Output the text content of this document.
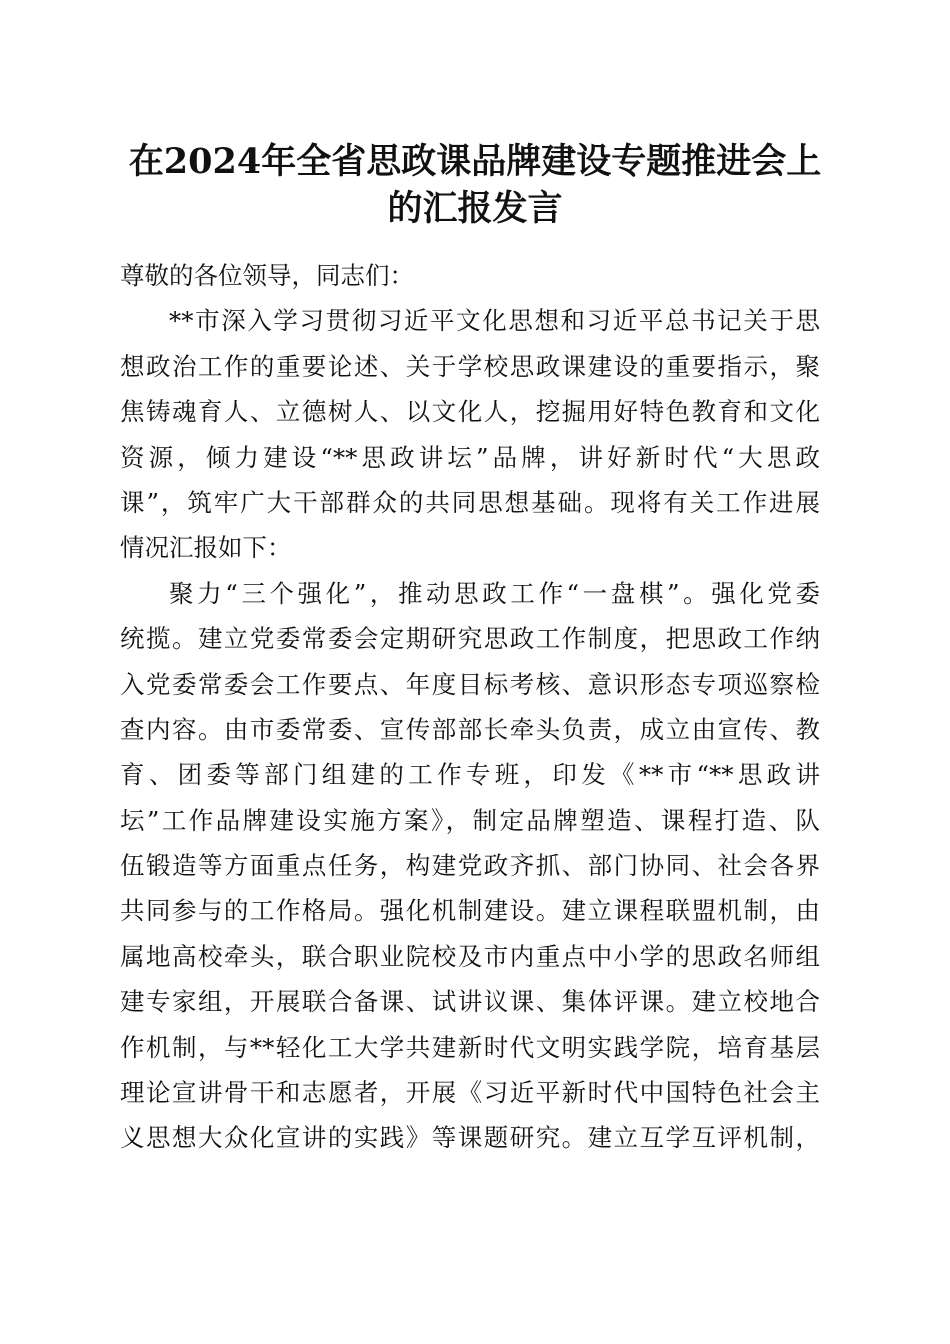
在2024年全省思政课品牌建设专题推进会上
的汇报发言
尊敬的各位领导，同志们：
**市深入学习贯彻习近平文化思想和习近平总书记关于思
想政治工作的重要论述、关于学校思政课建设的重要指示，聚
焦铸魂育人、立德树人、以文化人，挖掘用好特色教育和文化
资源，倾力建设“**思政讲坛”品牌，讲好新时代“大思政
课”，筑牢广大干部群众的共同思想基础。现将有关工作进展
情况汇报如下：
聚力“三个强化”，推动思政工作“一盘棋”。强化党委
统揽。建立党委常委会定期研究思政工作制度，把思政工作纳
入党委常委会工作要点、年度目标考核、意识形态专项巡察检
查内容。由市委常委、宣传部部长牵头负责，成立由宣传、教
育、团委等部门组建的工作专班，印发《**市“**思政讲
坛”工作品牌建设实施方案》，制定品牌塑造、课程打造、队
伍锻造等方面重点任务，构建党政齐抓、部门协同、社会各界
共同参与的工作格局。强化机制建设。建立课程联盟机制，由
属地高校牵头，联合职业院校及市内重点中小学的思政名师组
建专家组，开展联合备课、试讲议课、集体评课。建立校地合
作机制，与**轻化工大学共建新时代文明实践学院，培育基层
理论宣讲骨干和志愿者，开展《习近平新时代中国特色社会主
义思想大众化宣讲的实践》等课题研究。建立互学互评机制，
